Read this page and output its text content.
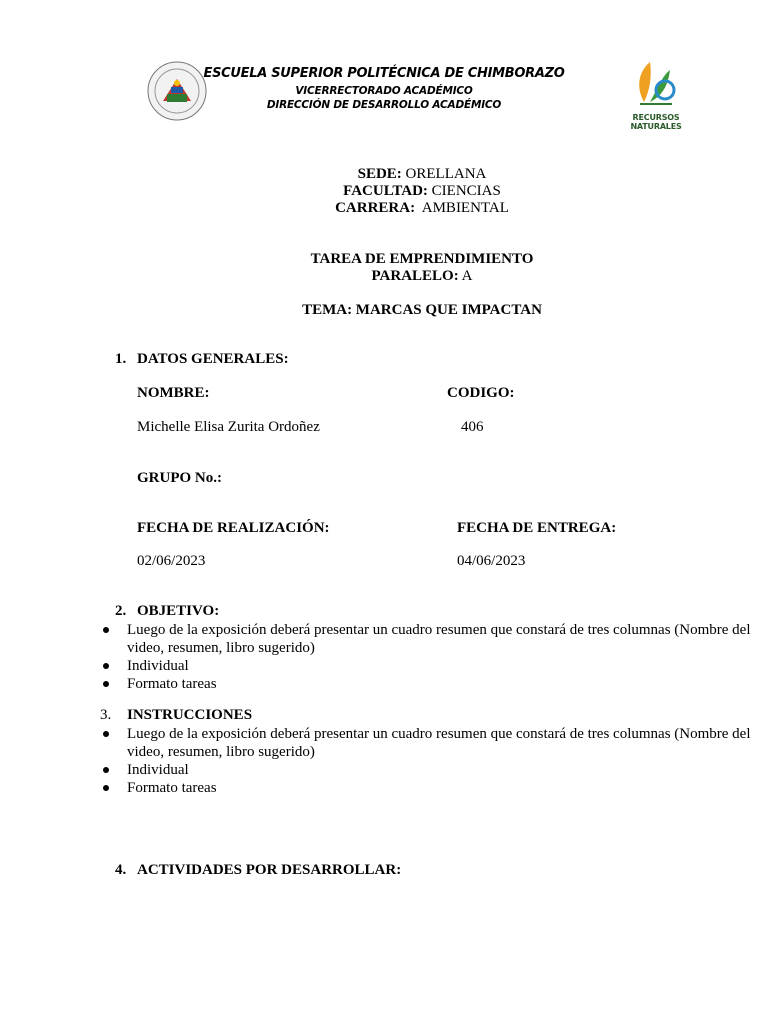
ESCUELA SUPERIOR POLITÉCNICA DE CHIMBORAZO
VICERRECTORADO ACADÉMICO
DIRECCIÓN DE DESARROLLO ACADÉMICO
RECURSOS NATURALES
SEDE: ORELLANA
FACULTAD: CIENCIAS
CARRERA:  AMBIENTAL
TAREA DE EMPRENDIMIENTO
PARALELO: A
TEMA: MARCAS QUE IMPACTAN
1. DATOS GENERALES:
NOMBRE:	CODIGO:
Michelle Elisa Zurita Ordoñez	406
GRUPO No.:
FECHA DE REALIZACIÓN:	FECHA DE ENTREGA:
02/06/2023	04/06/2023
2. OBJETIVO:
Luego de la exposición deberá presentar un cuadro resumen que constará de tres columnas (Nombre del video, resumen, libro sugerido)
Individual
Formato tareas
3. INSTRUCCIONES
Luego de la exposición deberá presentar un cuadro resumen que constará de tres columnas (Nombre del video, resumen, libro sugerido)
Individual
Formato tareas
4. ACTIVIDADES POR DESARROLLAR:
